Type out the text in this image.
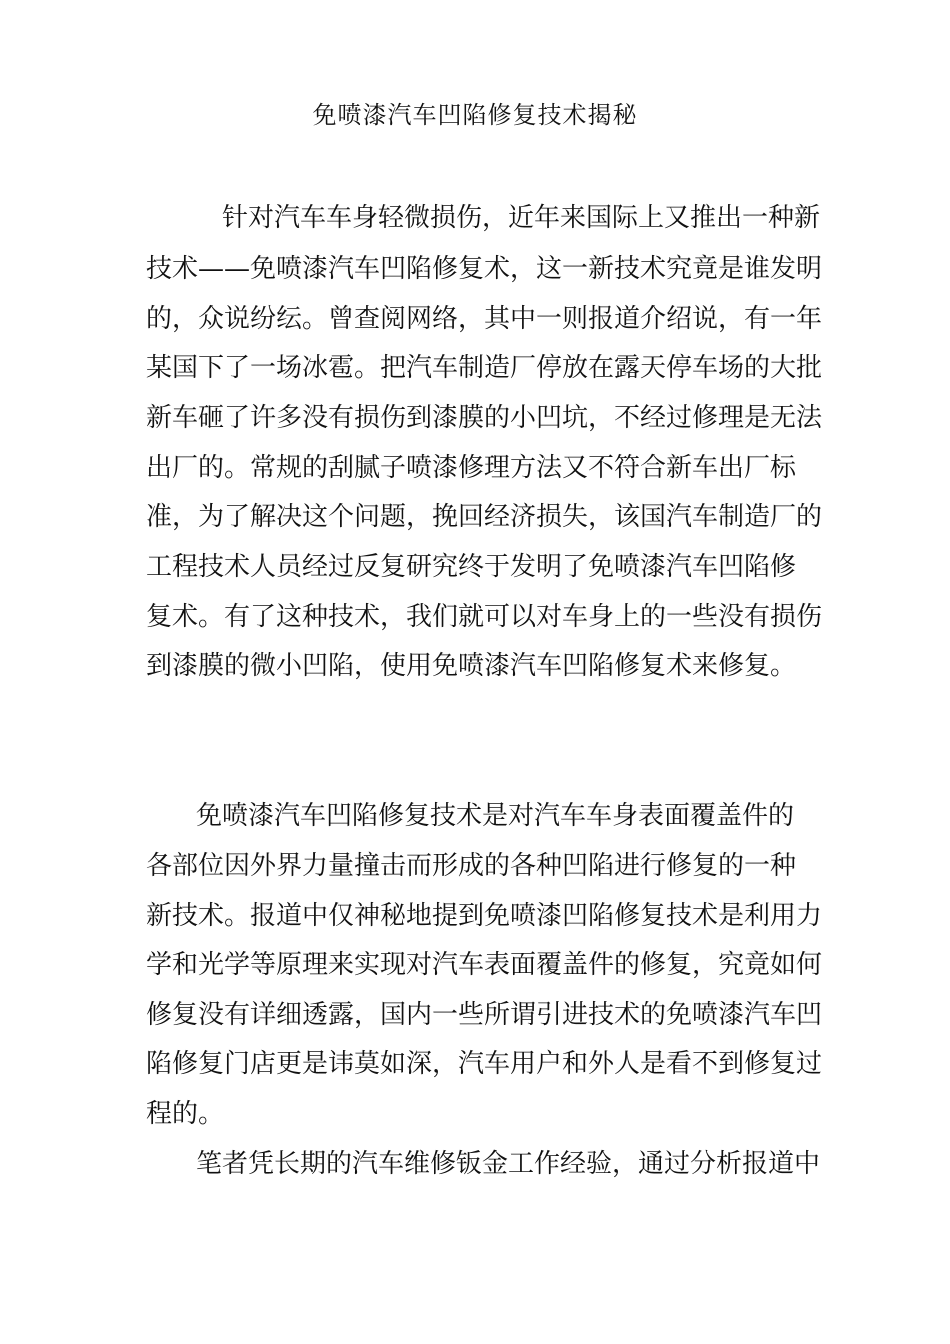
免喷漆汽车凹陷修复技术揭秘
针对汽车车身轻微损伤，近年来国际上又推出一种新
技术——免喷漆汽车凹陷修复术，这一新技术究竟是谁发明
的，众说纷纭。曾查阅网络，其中一则报道介绍说，有一年
某国下了一场冰雹。把汽车制造厂停放在露天停车场的大批
新车砸了许多没有损伤到漆膜的小凹坑，不经过修理是无法
出厂的。常规的刮腻子喷漆修理方法又不符合新车出厂标
准，为了解决这个问题，挽回经济损失，该国汽车制造厂的
工程技术人员经过反复研究终于发明了免喷漆汽车凹陷修
复术。有了这种技术，我们就可以对车身上的一些没有损伤
到漆膜的微小凹陷，使用免喷漆汽车凹陷修复术来修复。
免喷漆汽车凹陷修复技术是对汽车车身表面覆盖件的
各部位因外界力量撞击而形成的各种凹陷进行修复的一种
新技术。报道中仅神秘地提到免喷漆凹陷修复技术是利用力
学和光学等原理来实现对汽车表面覆盖件的修复，究竟如何
修复没有详细透露，国内一些所谓引进技术的免喷漆汽车凹
陷修复门店更是讳莫如深，汽车用户和外人是看不到修复过
程的。
笔者凭长期的汽车维修钣金工作经验，通过分析报道中
